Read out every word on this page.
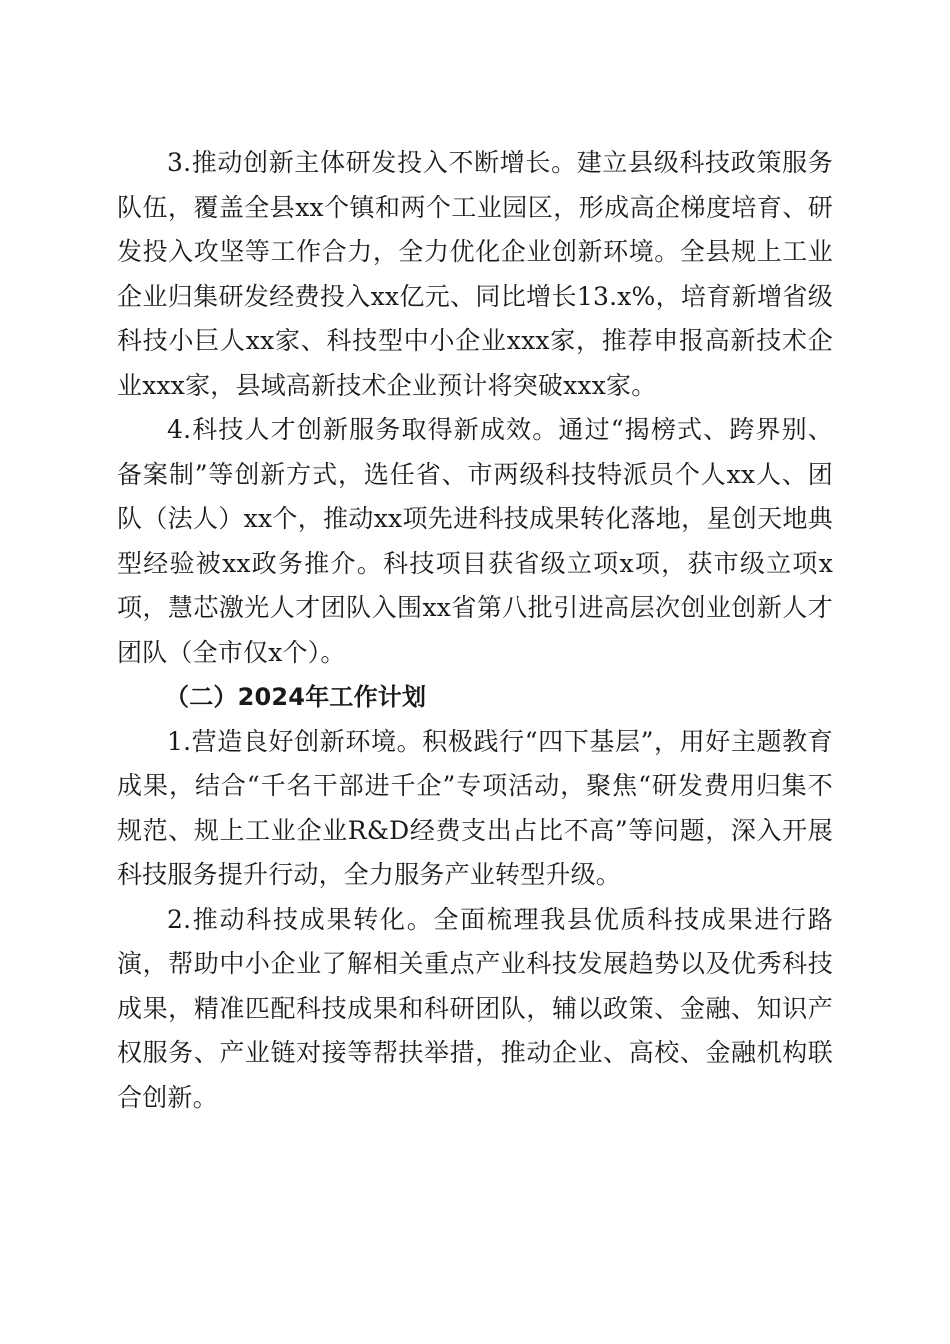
3.推动创新主体研发投入不断增长。建立县级科技政策服务队伍，覆盖全县xx个镇和两个工业园区，形成高企梯度培育、研发投入攻坚等工作合力，全力优化企业创新环境。全县规上工业企业归集研发经费投入xx亿元、同比增长13.x%，培育新增省级科技小巨人xx家、科技型中小企业xxx家，推荐申报高新技术企业xxx家，县域高新技术企业预计将突破xxx家。

4.科技人才创新服务取得新成效。通过“揭榜式、跨界别、备案制”等创新方式，选任省、市两级科技特派员个人xx人、团队（法人）xx个，推动xx项先进科技成果转化落地，星创天地典型经验被xx政务推介。科技项目获省级立项x项，获市级立项x项，慧芯激光人才团队入围xx省第八批引进高层次创业创新人才团队（全市仅x个）。

（二）2024年工作计划

1.营造良好创新环境。积极践行“四下基层”，用好主题教育成果，结合“千名干部进千企”专项活动，聚焦“研发费用归集不规范、规上工业企业R&D经费支出占比不高”等问题，深入开展科技服务提升行动，全力服务产业转型升级。

2.推动科技成果转化。全面梳理我县优质科技成果进行路演，帮助中小企业了解相关重点产业科技发展趋势以及优秀科技成果，精准匹配科技成果和科研团队，辅以政策、金融、知识产权服务、产业链对接等帮扶举措，推动企业、高校、金融机构联合创新。
